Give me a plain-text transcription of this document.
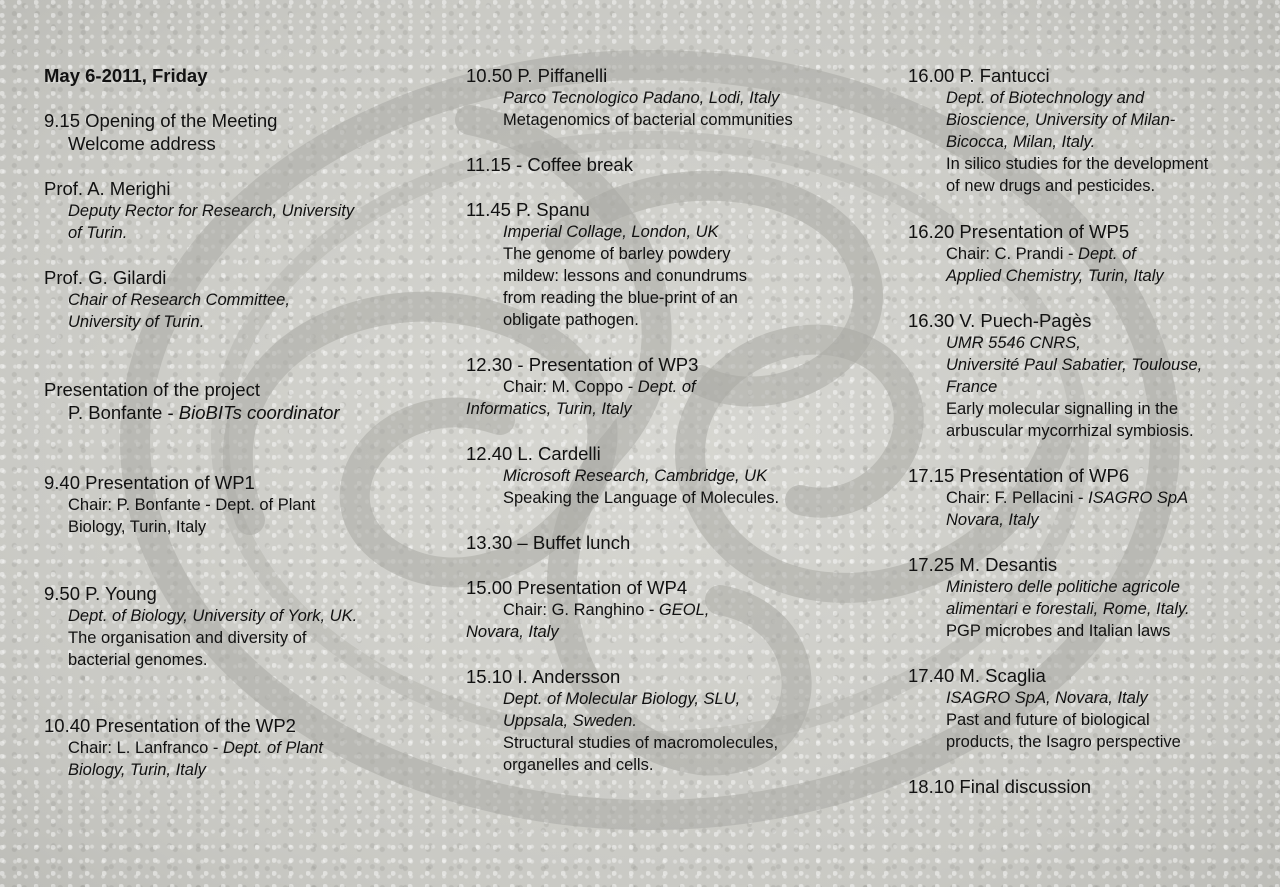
May 6-2011, Friday
9.15 Opening of the Meeting
Welcome address
Prof. A. Merighi
Deputy Rector for Research, University
of Turin.
Prof. G. Gilardi
Chair of Research Committee,
University of Turin.
Presentation of the project
P. Bonfante - BioBITs coordinator
9.40 Presentation of WP1
Chair: P. Bonfante - Dept. of Plant
Biology, Turin, Italy
9.50 P. Young
Dept. of Biology, University of York, UK.
The organisation and diversity of
bacterial genomes.
10.40 Presentation of the WP2
Chair: L. Lanfranco - Dept. of Plant
Biology, Turin, Italy
10.50 P. Piffanelli
Parco Tecnologico Padano, Lodi, Italy
Metagenomics of bacterial communities
11.15 - Coffee break
11.45 P. Spanu
Imperial Collage, London, UK
The genome of barley powdery
mildew: lessons and conundrums
from reading the blue-print of an
obligate pathogen.
12.30 - Presentation of WP3
Chair: M. Coppo - Dept. of
Informatics, Turin, Italy
12.40 L. Cardelli
Microsoft Research, Cambridge, UK
Speaking the Language of Molecules.
13.30 – Buffet lunch
15.00 Presentation of WP4
Chair: G. Ranghino - GEOL,
Novara, Italy
15.10 I. Andersson
Dept. of Molecular Biology, SLU,
Uppsala, Sweden.
Structural studies of macromolecules,
organelles and cells.
16.00 P. Fantucci
Dept. of Biotechnology and
Bioscience, University of Milan-
Bicocca, Milan, Italy.
In silico studies for the development
of new drugs and pesticides.
16.20 Presentation of WP5
Chair: C. Prandi - Dept. of
Applied Chemistry, Turin, Italy
16.30 V. Puech-Pagès
UMR 5546 CNRS,
Université Paul Sabatier, Toulouse,
France
Early molecular signalling in the
arbuscular mycorrhizal symbiosis.
17.15 Presentation of WP6
Chair: F. Pellacini - ISAGRO SpA
Novara, Italy
17.25 M. Desantis
Ministero delle politiche agricole
alimentari e forestali, Rome, Italy.
PGP microbes and Italian laws
17.40 M. Scaglia
ISAGRO SpA, Novara, Italy
Past and future of biological
products, the Isagro perspective
18.10 Final discussion
